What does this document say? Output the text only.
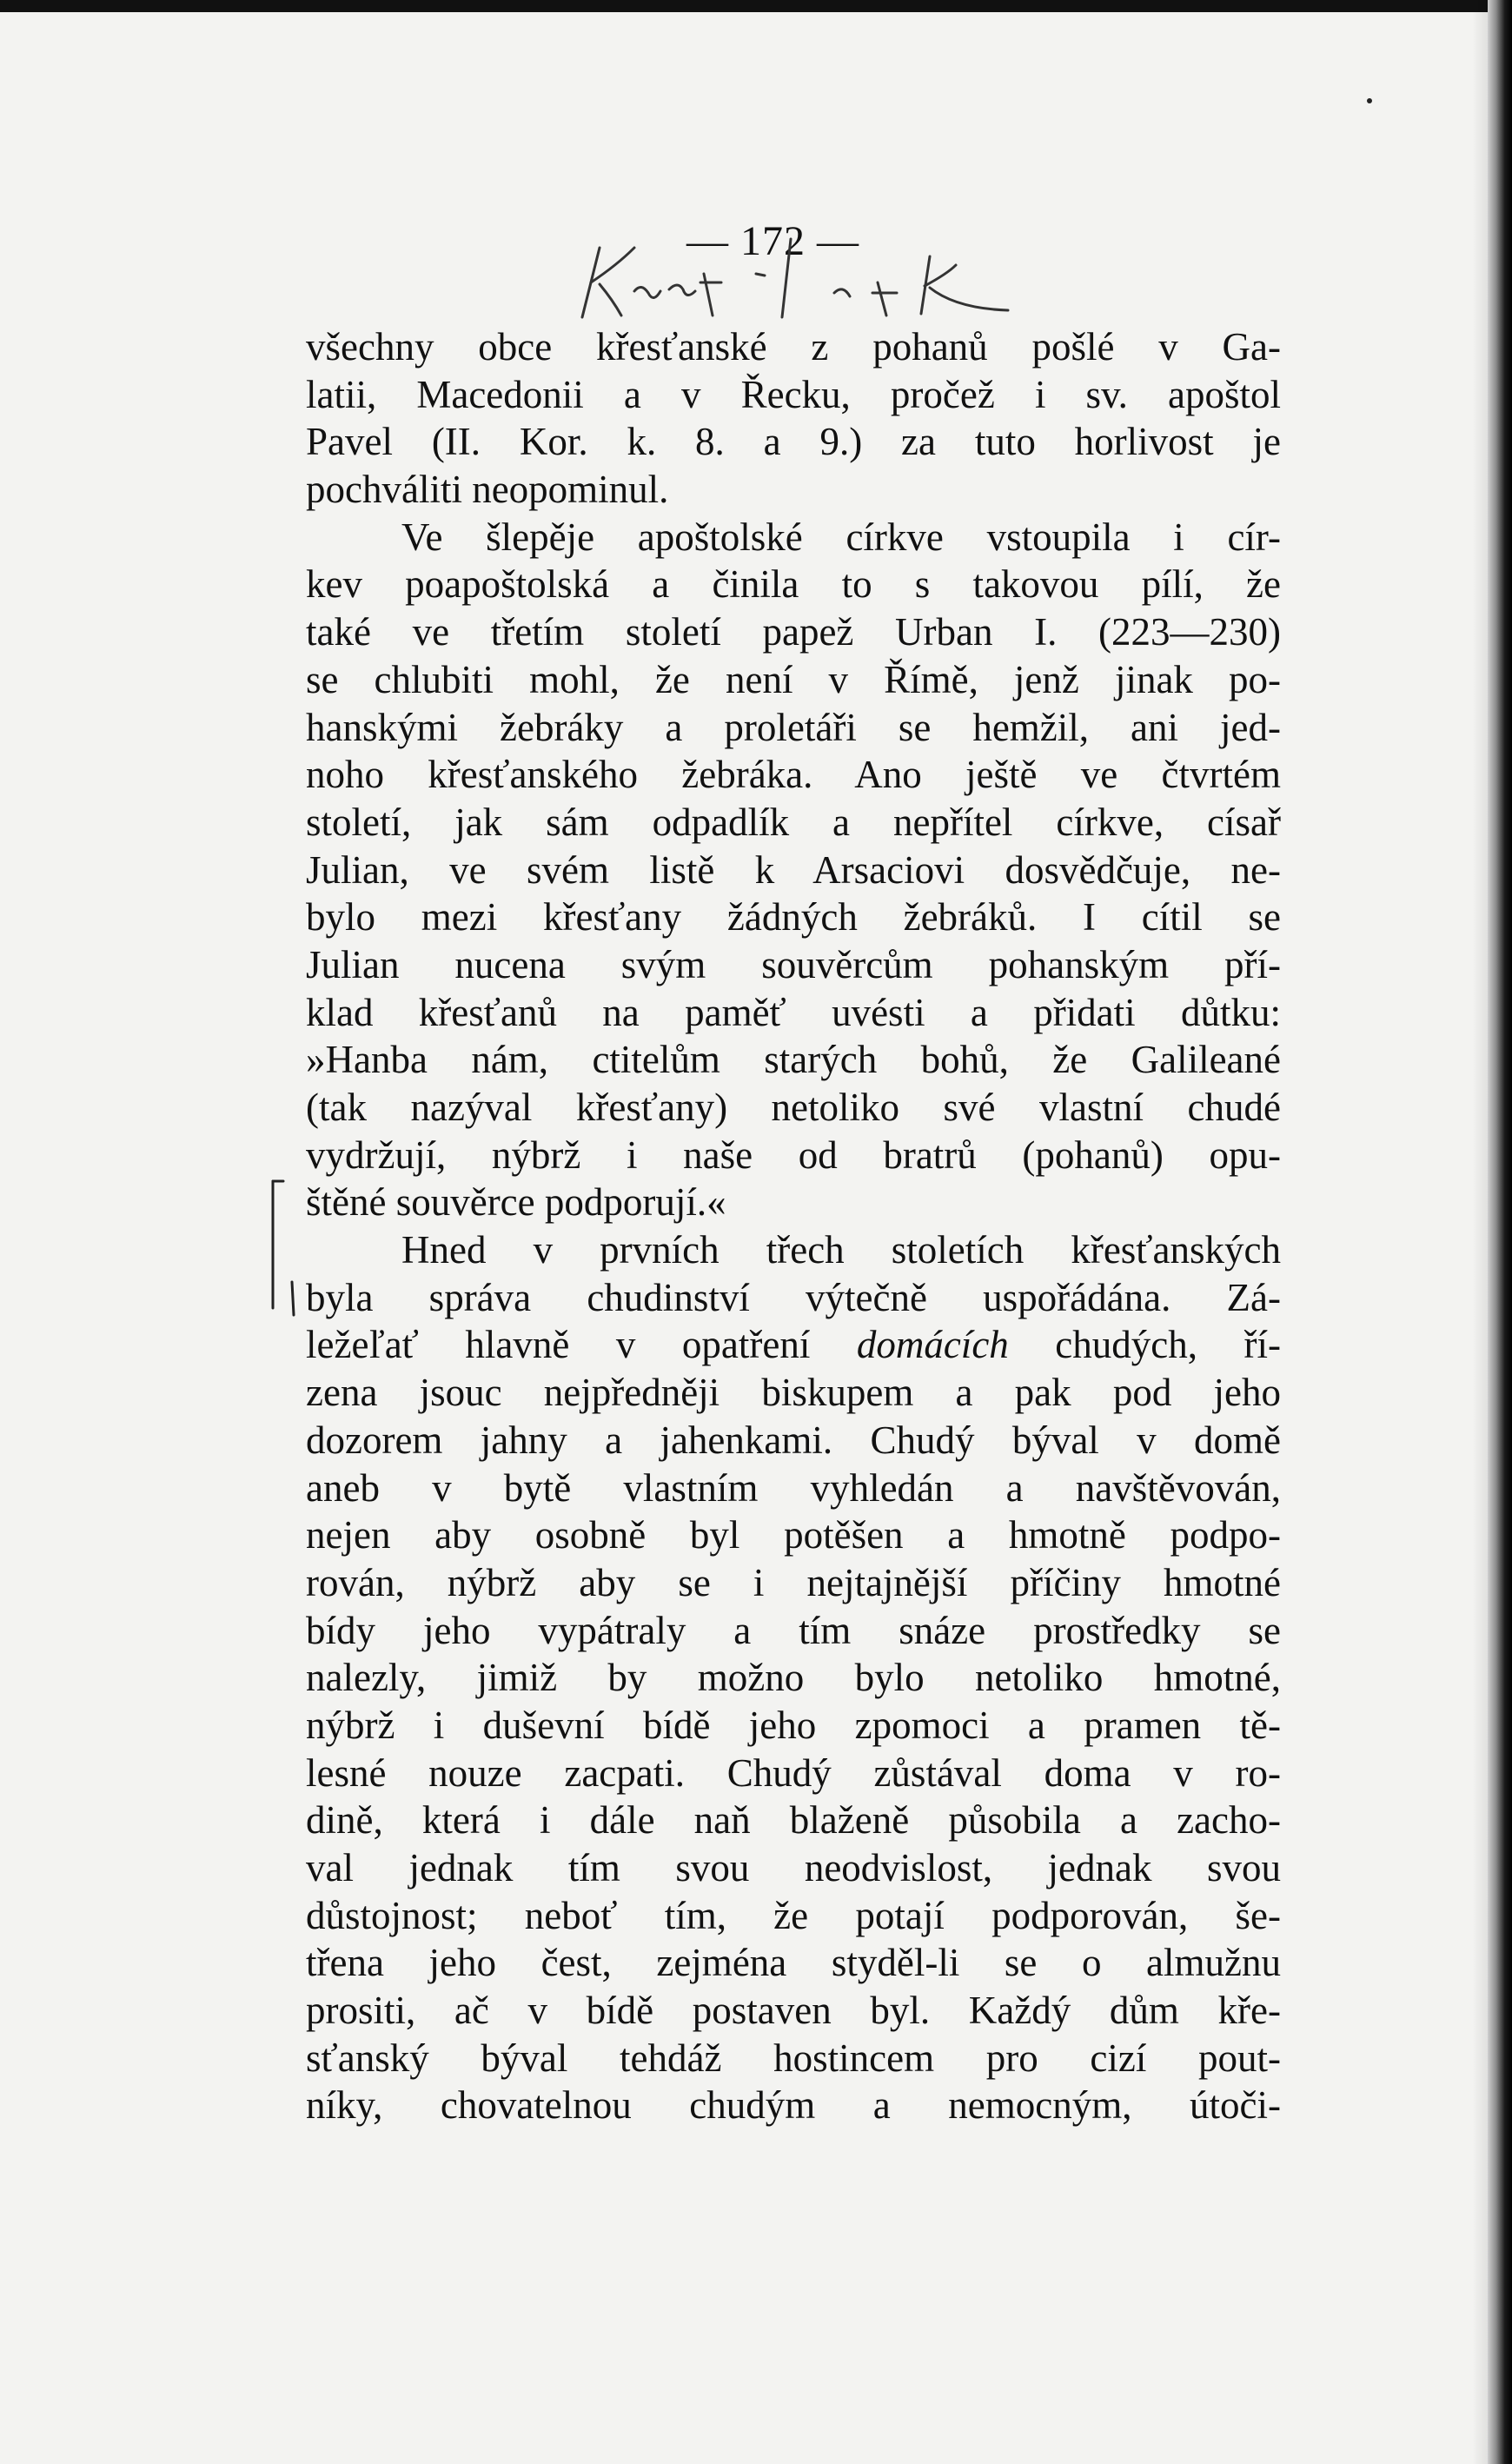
— 172 —
všechny obce křesťanské z pohanů pošlé v Ga-
latii, Macedonii a v Řecku, pročež i sv. apoštol
Pavel (II. Kor. k. 8. a 9.) za tuto horlivost je
pochváliti neopominul.
Ve šlepěje apoštolské církve vstoupila i cír-
kev poapoštolská a činila to s takovou pílí, že
také ve třetím století papež Urban I. (223—230)
se chlubiti mohl, že není v Římě, jenž jinak po-
hanskými žebráky a proletáři se hemžil, ani jed-
noho křesťanského žebráka. Ano ještě ve čtvrtém
století, jak sám odpadlík a nepřítel církve, císař
Julian, ve svém listě k Arsaciovi dosvědčuje, ne-
bylo mezi křesťany žádných žebráků. I cítil se
Julian nucena svým souvěrcům pohanským pří-
klad křesťanů na paměť uvésti a přidati důtku:
»Hanba nám, ctitelům starých bohů, že Galileané
(tak nazýval křesťany) netoliko své vlastní chudé
vydržují, nýbrž i naše od bratrů (pohanů) opu-
štěné souvěrce podporují.«
Hned v prvních třech stoletích křesťanských
byla správa chudinství výtečně uspořádána. Zá-
ležeľať hlavně v opatření domácích chudých, ří-
zena jsouc nejpředněji biskupem a pak pod jeho
dozorem jahny a jahenkami. Chudý býval v domě
aneb v bytě vlastním vyhledán a navštěvován,
nejen aby osobně byl potěšen a hmotně podpo-
rován, nýbrž aby se i nejtajnější příčiny hmotné
bídy jeho vypátraly a tím snáze prostředky se
nalezly, jimiž by možno bylo netoliko hmotné,
nýbrž i duševní bídě jeho zpomoci a pramen tě-
lesné nouze zacpati. Chudý zůstával doma v ro-
dině, která i dále naň blaženě působila a zacho-
val jednak tím svou neodvislost, jednak svou
důstojnost; neboť tím, že potají podporován, še-
třena jeho čest, zejména styděl-li se o almužnu
prositi, ač v bídě postaven byl. Každý dům kře-
sťanský býval tehdáž hostincem pro cizí pout-
níky, chovatelnou chudým a nemocným, útoči-
